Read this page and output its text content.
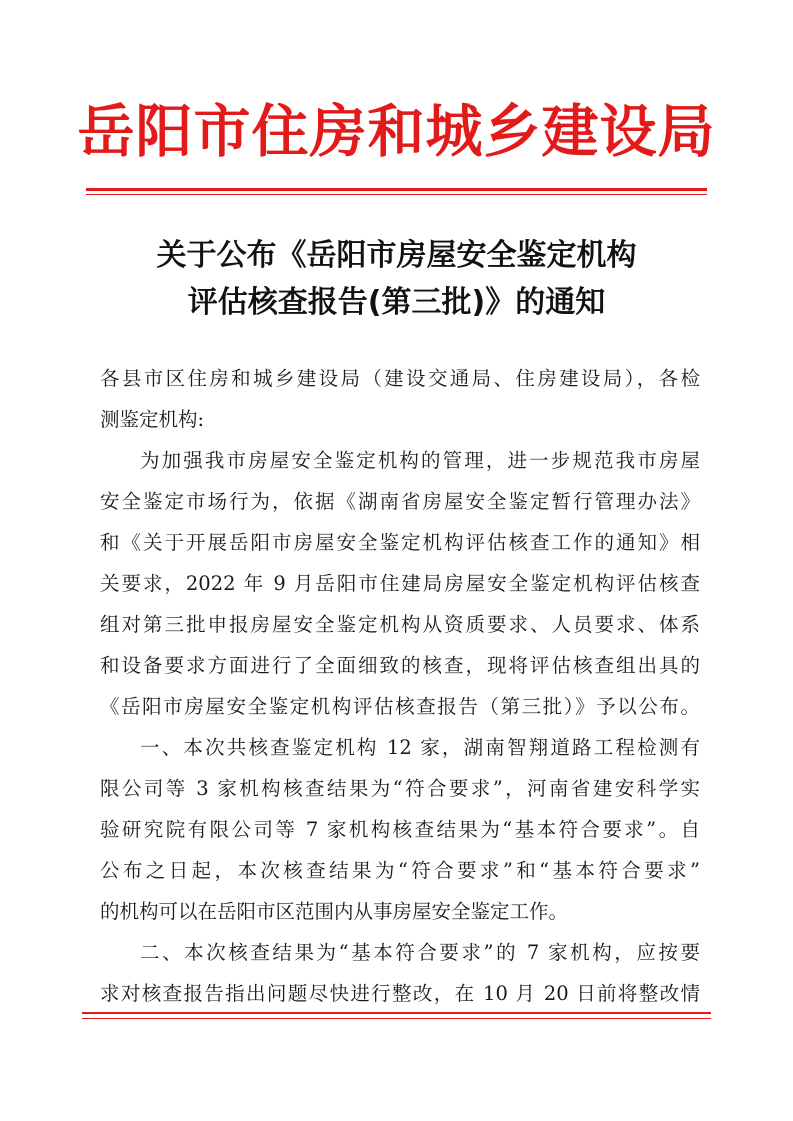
岳阳市住房和城乡建设局
关于公布《岳阳市房屋安全鉴定机构
评估核查报告(第三批)》的通知
各县市区住房和城乡建设局（建设交通局、住房建设局），各检
测鉴定机构:
为加强我市房屋安全鉴定机构的管理，进一步规范我市房屋
安全鉴定市场行为，依据《湖南省房屋安全鉴定暂行管理办法》
和《关于开展岳阳市房屋安全鉴定机构评估核查工作的通知》相
关要求，2022 年 9 月岳阳市住建局房屋安全鉴定机构评估核查
组对第三批申报房屋安全鉴定机构从资质要求、人员要求、体系
和设备要求方面进行了全面细致的核查，现将评估核查组出具的
《岳阳市房屋安全鉴定机构评估核查报告（第三批）》予以公布。
一、本次共核查鉴定机构 12 家，湖南智翔道路工程检测有
限公司等 3 家机构核查结果为“符合要求”，河南省建安科学实
验研究院有限公司等 7 家机构核查结果为“基本符合要求”。自
公布之日起，本次核查结果为“符合要求”和“基本符合要求”
的机构可以在岳阳市区范围内从事房屋安全鉴定工作。
二、本次核查结果为“基本符合要求”的 7 家机构，应按要
求对核查报告指出问题尽快进行整改，在 10 月 20 日前将整改情
